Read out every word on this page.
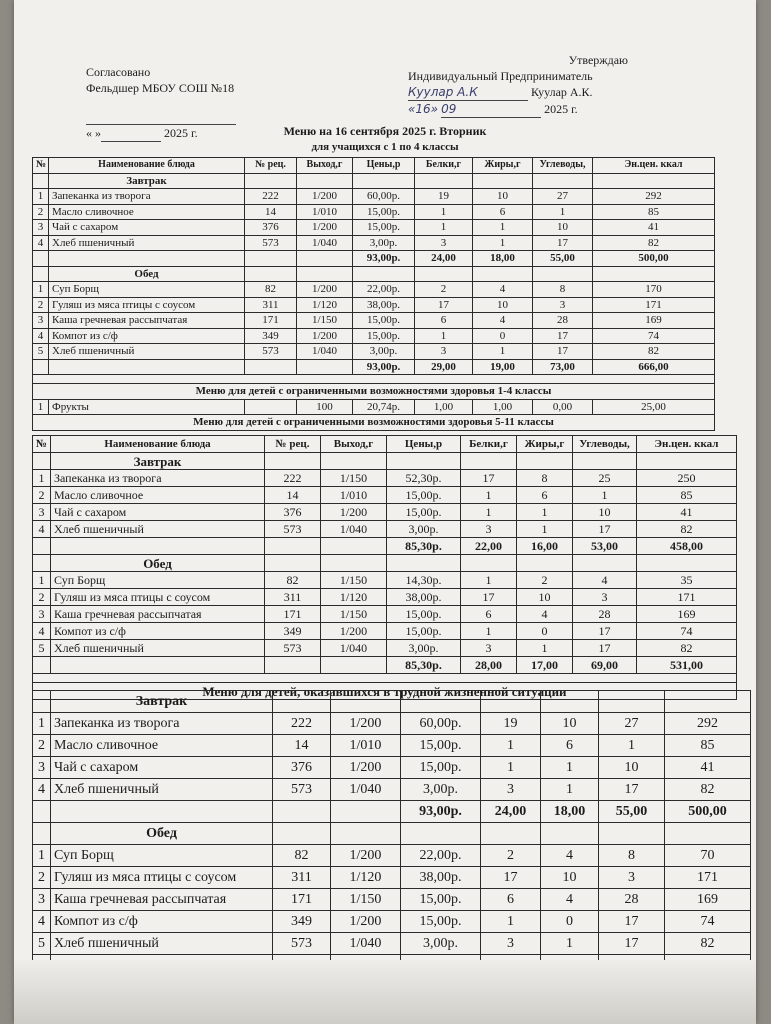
Согласовано
Фельдшер МБОУ СОШ №18

« »	2025 г.
Утверждаю
Индивидуальный Предприниматель
Куулар А.К	Куулар А.К.
«16» 09	2025 г.
Меню на 16 сентября 2025 г. Вторник
для учащихся с 1 по 4 классы
№	Наименование блюда	№ рец.	Выход,г	Цены,р	Белки,г	Жиры,г	Углеводы,	Эн.цен. ккал
	Завтрак							
1	Запеканка из творога	222	1/200	60,00р.	19	10	27	292
2	Масло сливочное	14	1/010	15,00р.	1	6	1	85
3	Чай с сахаром	376	1/200	15,00р.	1	1	10	41
4	Хлеб пшеничный	573	1/040	3,00р.	3	1	17	82
				93,00р.	24,00	18,00	55,00	500,00
	Обед							
1	Суп Борщ	82	1/200	22,00р.	2	4	8	170
2	Гуляш из мяса птицы с соусом	311	1/120	38,00р.	17	10	3	171
3	Каша гречневая рассыпчатая	171	1/150	15,00р.	6	4	28	169
4	Компот из с/ф	349	1/200	15,00р.	1	0	17	74
5	Хлеб пшеничный	573	1/040	3,00р.	3	1	17	82
				93,00р.	29,00	19,00	73,00	666,00

Меню для детей с ограниченными возможностями здоровья 1-4 классы								
1	Фрукты		100	20,74р.	1,00	1,00	0,00	25,00
Меню для детей с ограниченными возможностями здоровья 5-11 классы								
№	Наименование блюда	№ рец.	Выход,г	Цены,р	Белки,г	Жиры,г	Углеводы,	Эн.цен. ккал
	Завтрак							
1	Запеканка из творога	222	1/150	52,30р.	17	8	25	250
2	Масло сливочное	14	1/010	15,00р.	1	6	1	85
3	Чай с сахаром	376	1/200	15,00р.	1	1	10	41
4	Хлеб пшеничный	573	1/040	3,00р.	3	1	17	82
				85,30р.	22,00	16,00	53,00	458,00
	Обед							
1	Суп Борщ	82	1/150	14,30р.	1	2	4	35
2	Гуляш из мяса птицы с соусом	311	1/120	38,00р.	17	10	3	171
3	Каша гречневая рассыпчатая	171	1/150	15,00р.	6	4	28	169
4	Компот из с/ф	349	1/200	15,00р.	1	0	17	74
5	Хлеб пшеничный	573	1/040	3,00р.	3	1	17	82
				85,30р.	28,00	17,00	69,00	531,00

Меню для детей, оказавшихся в трудной жизненной ситуации								
	Завтрак							
1	Запеканка из творога	222	1/200	60,00р.	19	10	27	292
2	Масло сливочное	14	1/010	15,00р.	1	6	1	85
3	Чай с сахаром	376	1/200	15,00р.	1	1	10	41
4	Хлеб пшеничный	573	1/040	3,00р.	3	1	17	82
				93,00р.	24,00	18,00	55,00	500,00
	Обед							
1	Суп Борщ	82	1/200	22,00р.	2	4	8	70
2	Гуляш из мяса птицы с соусом	311	1/120	38,00р.	17	10	3	171
3	Каша гречневая рассыпчатая	171	1/150	15,00р.	6	4	28	169
4	Компот из с/ф	349	1/200	15,00р.	1	0	17	74
5	Хлеб пшеничный	573	1/040	3,00р.	3	1	17	82
